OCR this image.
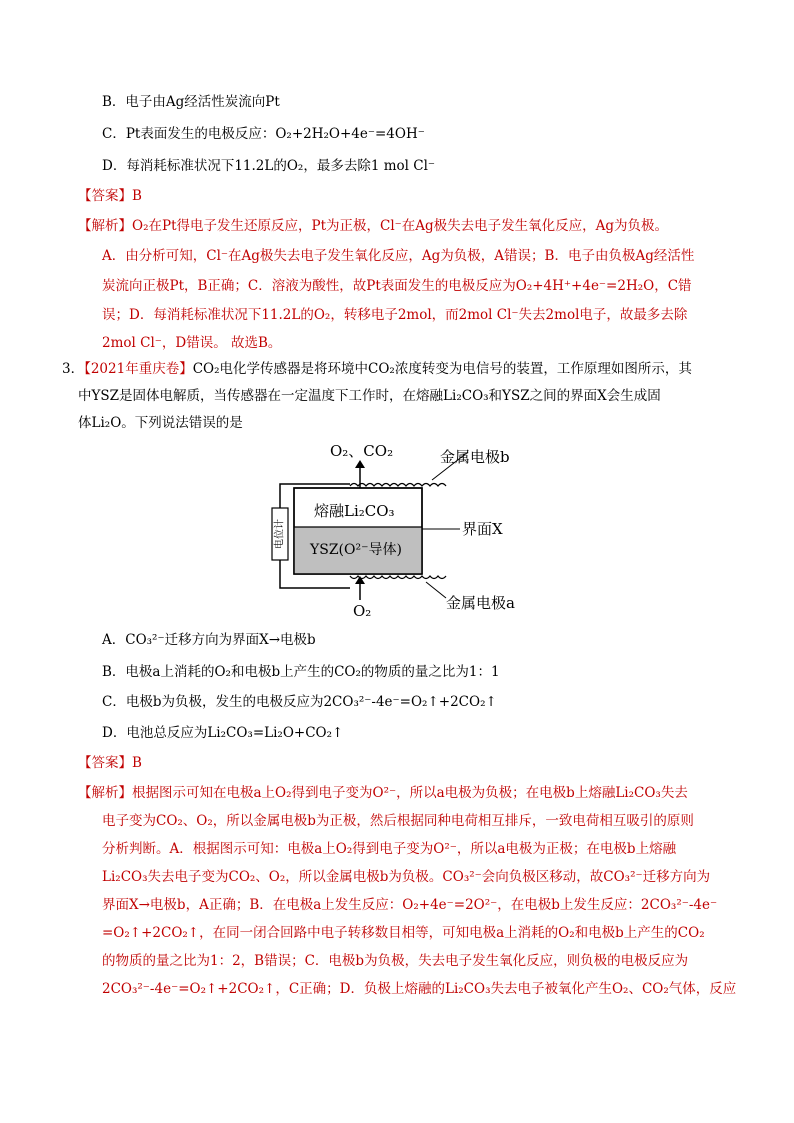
B．电子由Ag经活性炭流向Pt
C．Pt表面发生的电极反应：O₂+2H₂O+4e⁻=4OH⁻
D．每消耗标准状况下11.2L的O₂，最多去除1 mol Cl⁻
【答案】B
【解析】O₂在Pt得电子发生还原反应，Pt为正极，Cl⁻在Ag极失去电子发生氧化反应，Ag为负极。
A．由分析可知，Cl⁻在Ag极失去电子发生氧化反应，Ag为负极，A错误；B．电子由负极Ag经活性
炭流向正极Pt，B正确；C．溶液为酸性，故Pt表面发生的电极反应为O₂+4H⁺+4e⁻=2H₂O，C错
误；D．每消耗标准状况下11.2L的O₂，转移电子2mol，而2mol Cl⁻失去2mol电子，故最多去除
2mol Cl⁻，D错误。 故选B。
3．【2021年重庆卷】CO₂电化学传感器是将环境中CO₂浓度转变为电信号的装置，工作原理如图所示，其
中YSZ是固体电解质，当传感器在一定温度下工作时，在熔融Li₂CO₃和YSZ之间的界面X会生成固
体Li₂O。下列说法错误的是
O₂、CO₂	金属电极b
熔融Li₂CO₃
YSZ(O²⁻导体)
界面X
金属电极a
O₂
电位计
A．CO₃²⁻迁移方向为界面X→电极b
B．电极a上消耗的O₂和电极b上产生的CO₂的物质的量之比为1：1
C．电极b为负极，发生的电极反应为2CO₃²⁻-4e⁻=O₂↑+2CO₂↑
D．电池总反应为Li₂CO₃=Li₂O+CO₂↑
【答案】B
【解析】根据图示可知在电极a上O₂得到电子变为O²⁻，所以a电极为负极；在电极b上熔融Li₂CO₃失去
电子变为CO₂、O₂，所以金属电极b为正极，然后根据同种电荷相互排斥，一致电荷相互吸引的原则
分析判断。A．根据图示可知：电极a上O₂得到电子变为O²⁻，所以a电极为正极；在电极b上熔融
Li₂CO₃失去电子变为CO₂、O₂，所以金属电极b为负极。CO₃²⁻会向负极区移动，故CO₃²⁻迁移方向为
界面X→电极b，A正确；B．在电极a上发生反应：O₂+4e⁻=2O²⁻，在电极b上发生反应：2CO₃²⁻-4e⁻
=O₂↑+2CO₂↑，在同一闭合回路中电子转移数目相等，可知电极a上消耗的O₂和电极b上产生的CO₂
的物质的量之比为1：2，B错误；C．电极b为负极，失去电子发生氧化反应，则负极的电极反应为
2CO₃²⁻-4e⁻=O₂↑+2CO₂↑，C正确；D．负极上熔融的Li₂CO₃失去电子被氧化产生O₂、CO₂气体，反应
